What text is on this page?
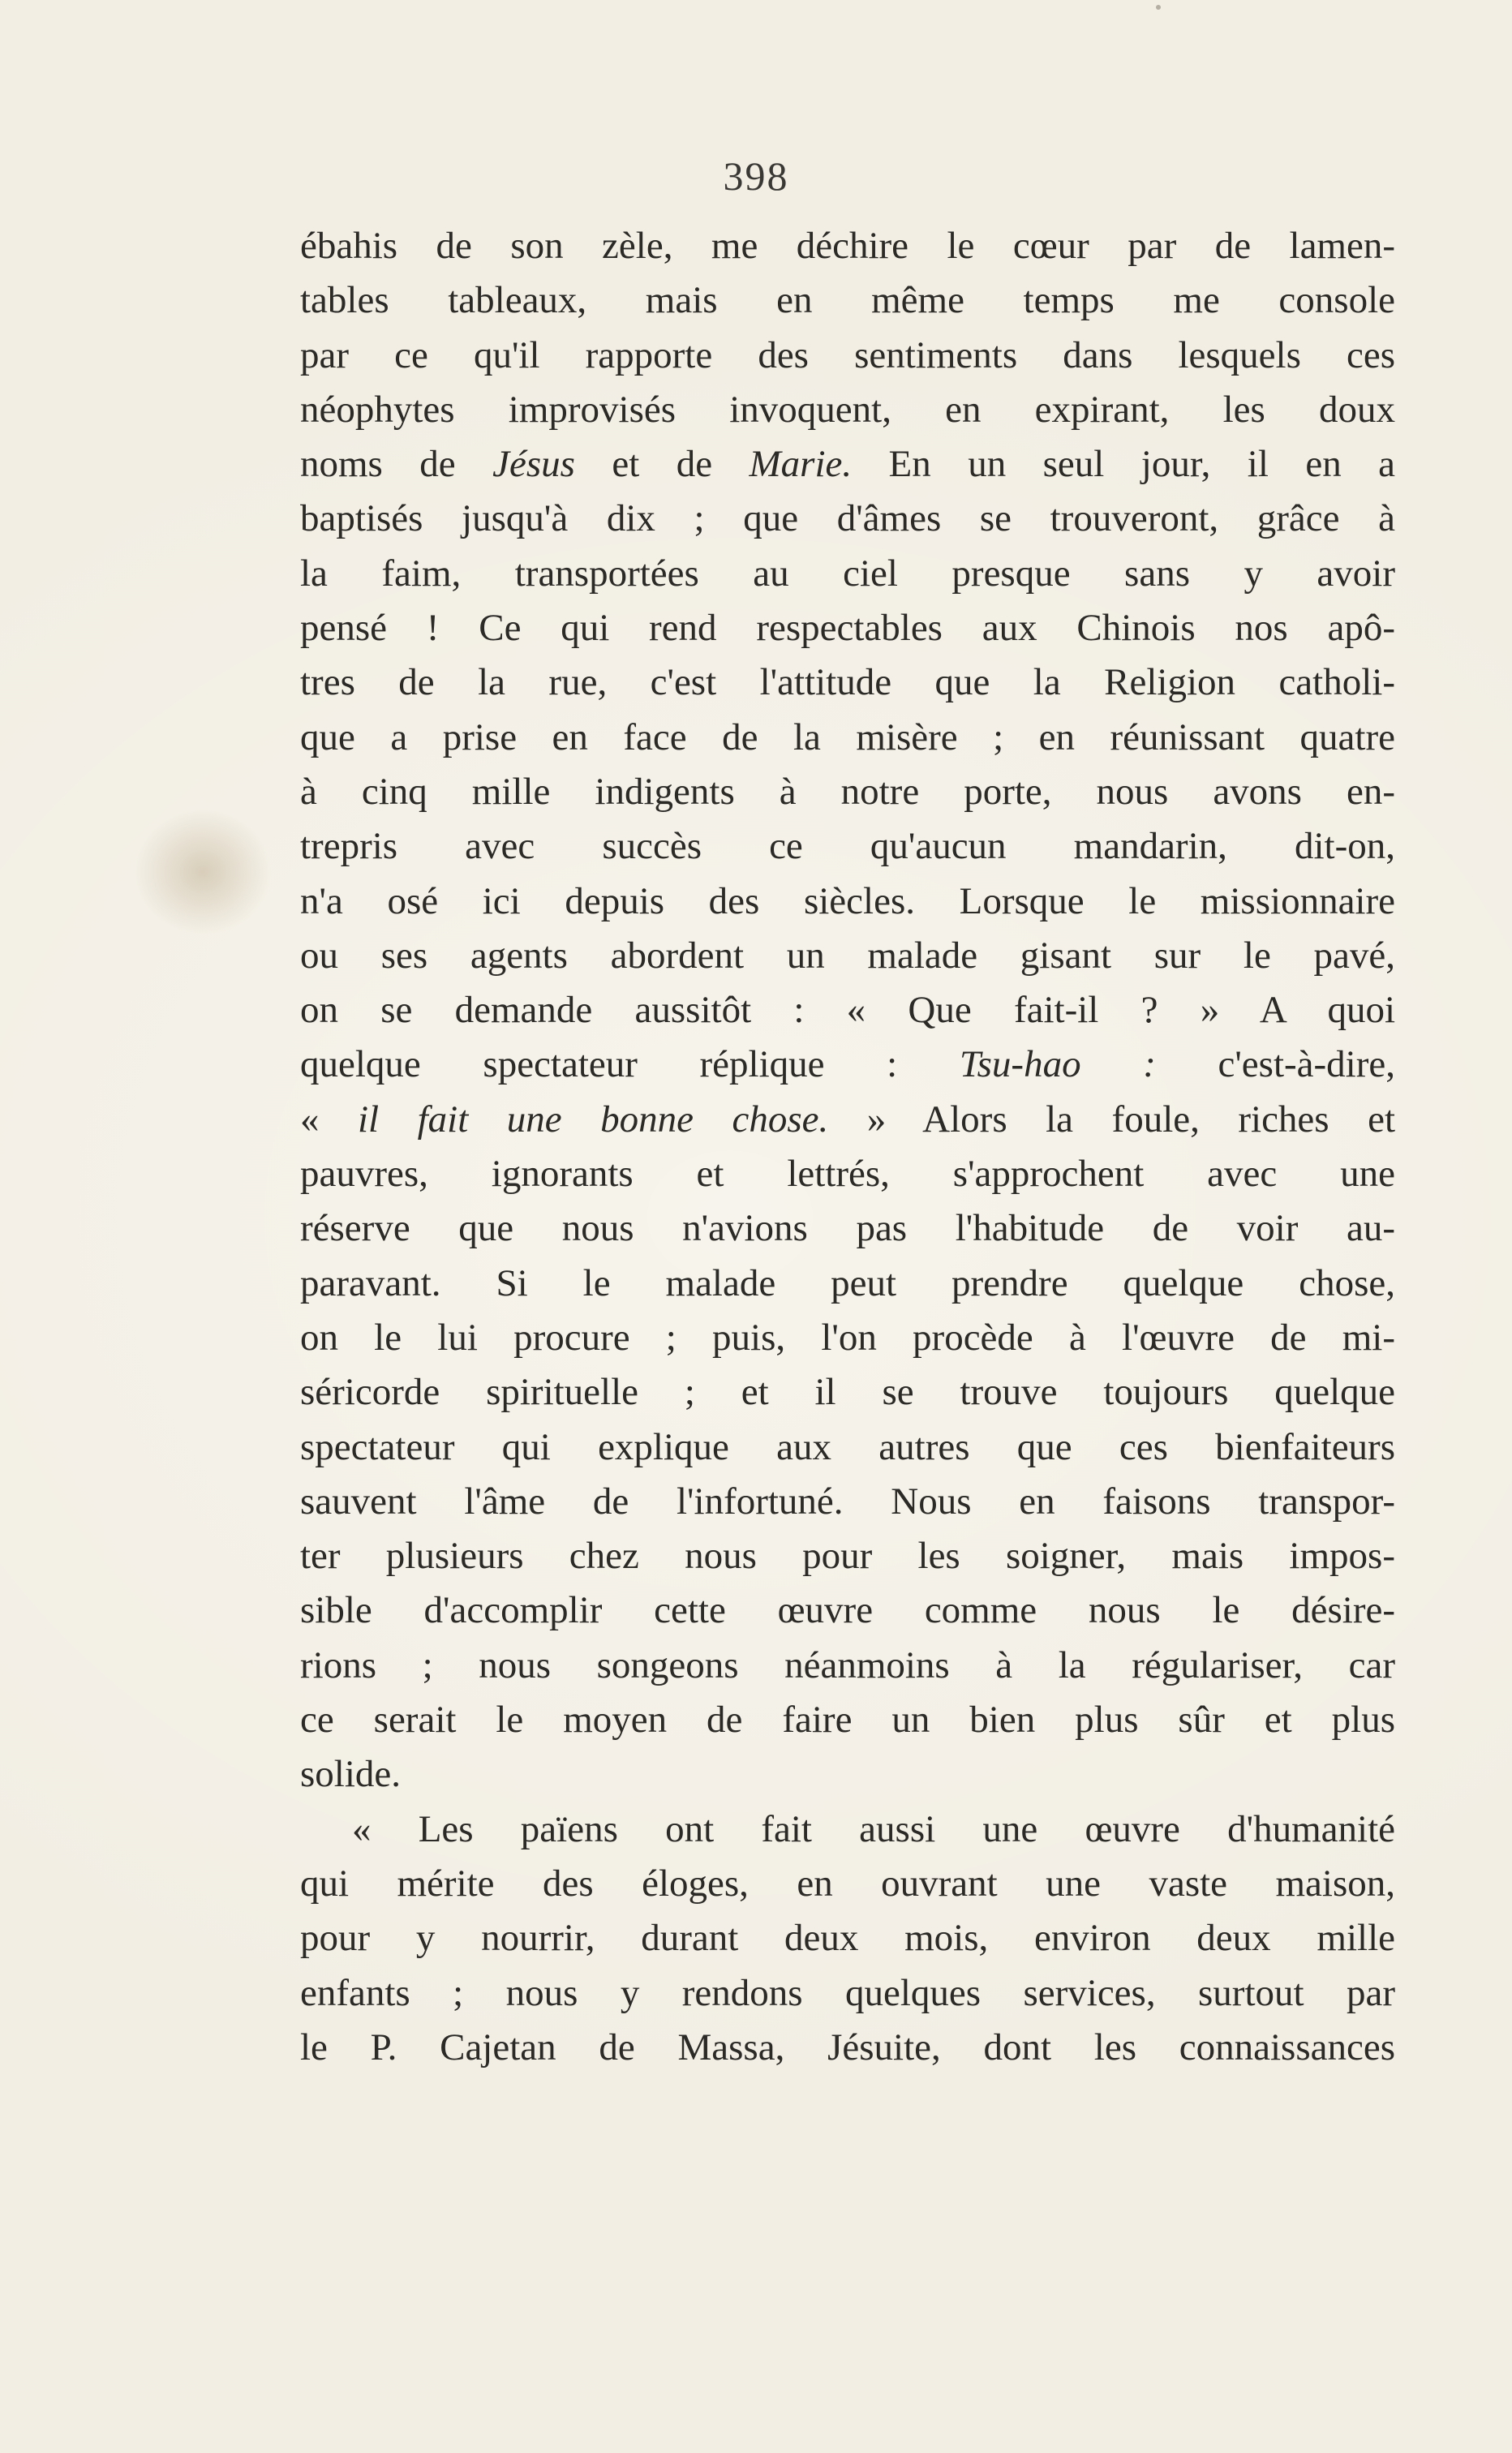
398
ébahis de son zèle, me déchire le cœur par de lamen-
tables tableaux, mais en même temps me console
par ce qu'il rapporte des sentiments dans lesquels ces
néophytes improvisés invoquent, en expirant, les doux
noms de Jésus et de Marie. En un seul jour, il en a
baptisés jusqu'à dix ; que d'âmes se trouveront, grâce à
la faim, transportées au ciel presque sans y avoir
pensé ! Ce qui rend respectables aux Chinois nos apô-
tres de la rue, c'est l'attitude que la Religion catholi-
que a prise en face de la misère ; en réunissant quatre
à cinq mille indigents à notre porte, nous avons en-
trepris avec succès ce qu'aucun mandarin, dit-on,
n'a osé ici depuis des siècles. Lorsque le missionnaire
ou ses agents abordent un malade gisant sur le pavé,
on se demande aussitôt : « Que fait-il ? » A quoi
quelque spectateur réplique : Tsu-hao : c'est-à-dire,
« il fait une bonne chose. » Alors la foule, riches et
pauvres, ignorants et lettrés, s'approchent avec une
réserve que nous n'avions pas l'habitude de voir au-
paravant. Si le malade peut prendre quelque chose,
on le lui procure ; puis, l'on procède à l'œuvre de mi-
séricorde spirituelle ; et il se trouve toujours quelque
spectateur qui explique aux autres que ces bienfaiteurs
sauvent l'âme de l'infortuné. Nous en faisons transpor-
ter plusieurs chez nous pour les soigner, mais impos-
sible d'accomplir cette œuvre comme nous le désire-
rions ; nous songeons néanmoins à la régulariser, car
ce serait le moyen de faire un bien plus sûr et plus
solide.
« Les païens ont fait aussi une œuvre d'humanité
qui mérite des éloges, en ouvrant une vaste maison,
pour y nourrir, durant deux mois, environ deux mille
enfants ; nous y rendons quelques services, surtout par
le P. Cajetan de Massa, Jésuite, dont les connaissances
